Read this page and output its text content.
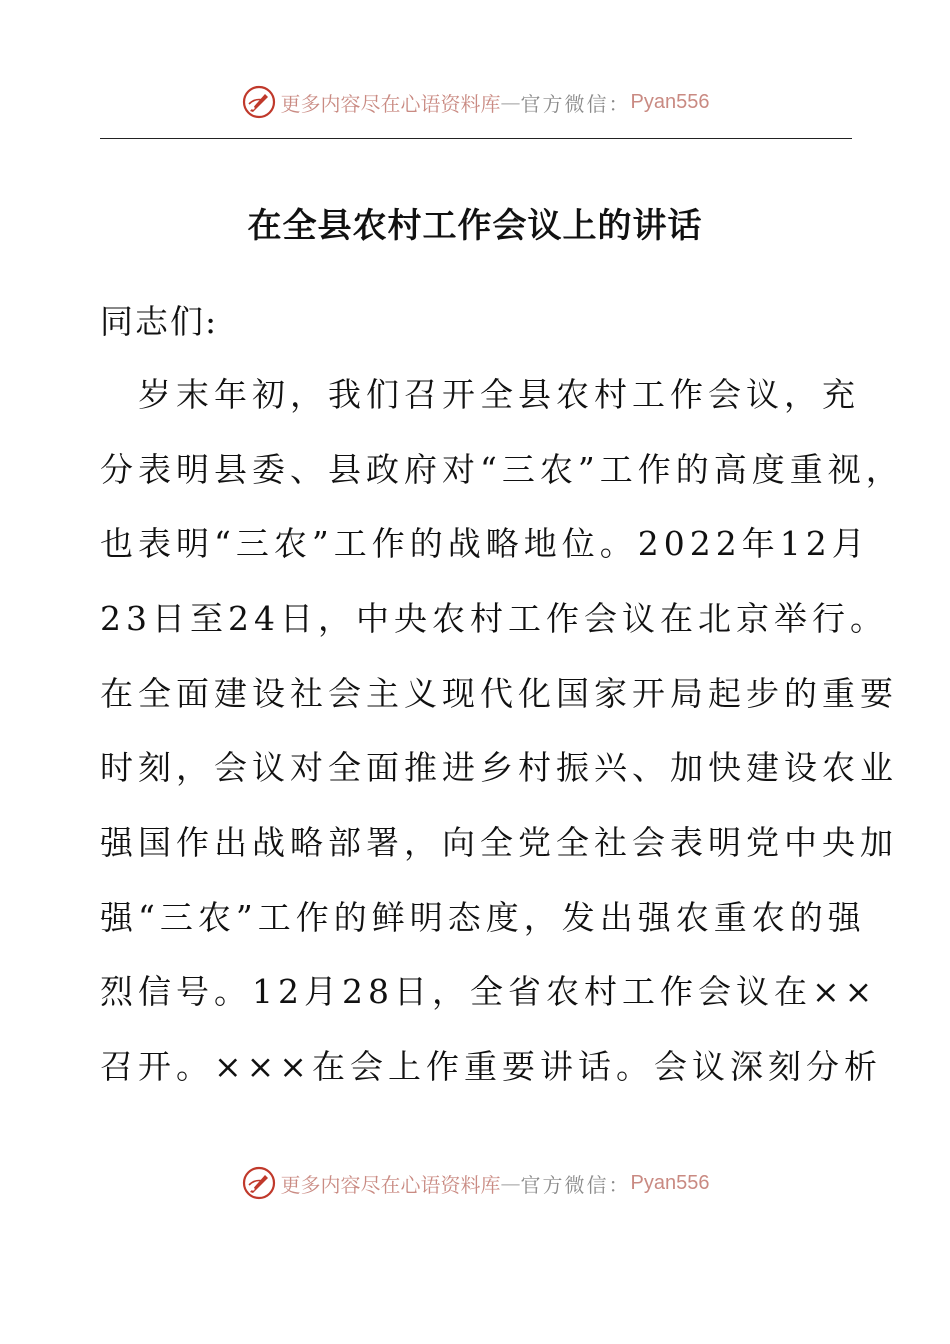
更多内容尽在心语资料库 — 官方微信： Pyan556
在全县农村工作会议上的讲话
同志们:
　岁末年初，我们召开全县农村工作会议，充
分表明县委、县政府对“三农”工作的高度重视，
也表明“三农”工作的战略地位。2022年12月
23日至24日，中央农村工作会议在北京举行。
在全面建设社会主义现代化国家开局起步的重要
时刻，会议对全面推进乡村振兴、加快建设农业
强国作出战略部署，向全党全社会表明党中央加
强“三农”工作的鲜明态度，发出强农重农的强
烈信号。12月28日，全省农村工作会议在××
召开。×××在会上作重要讲话。会议深刻分析
更多内容尽在心语资料库 — 官方微信： Pyan556
